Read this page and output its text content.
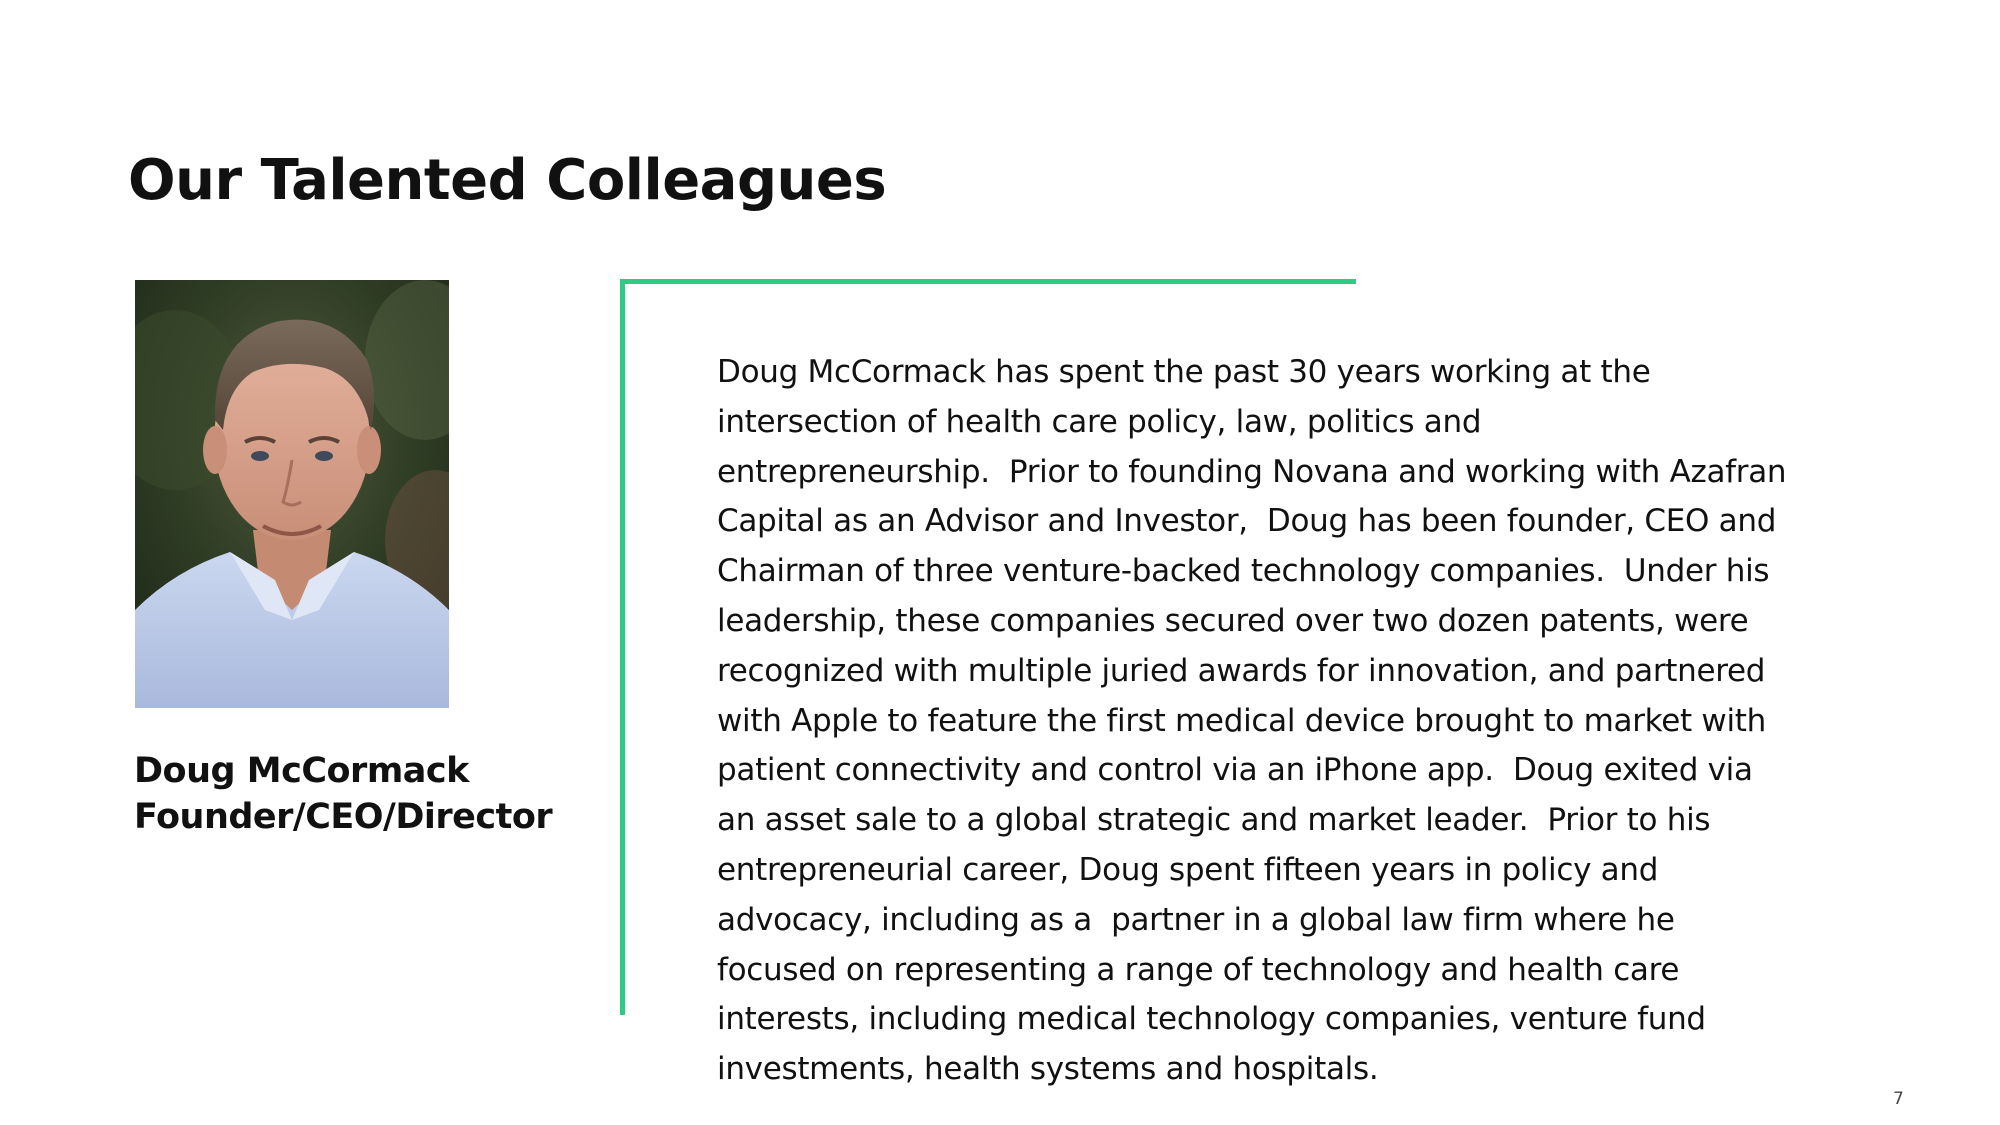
Our Talented Colleagues
Doug McCormack
Founder/CEO/Director

Doug McCormack has spent the past 30 years working at the
intersection of health care policy, law, politics and
entrepreneurship.  Prior to founding Novana and working with Azafran
Capital as an Advisor and Investor,  Doug has been founder, CEO and
Chairman of three venture-backed technology companies.  Under his
leadership, these companies secured over two dozen patents, were
recognized with multiple juried awards for innovation, and partnered
with Apple to feature the first medical device brought to market with
patient connectivity and control via an iPhone app.  Doug exited via
an asset sale to a global strategic and market leader.  Prior to his
entrepreneurial career, Doug spent fifteen years in policy and
advocacy, including as a  partner in a global law firm where he
focused on representing a range of technology and health care
interests, including medical technology companies, venture fund
investments, health systems and hospitals.

7
